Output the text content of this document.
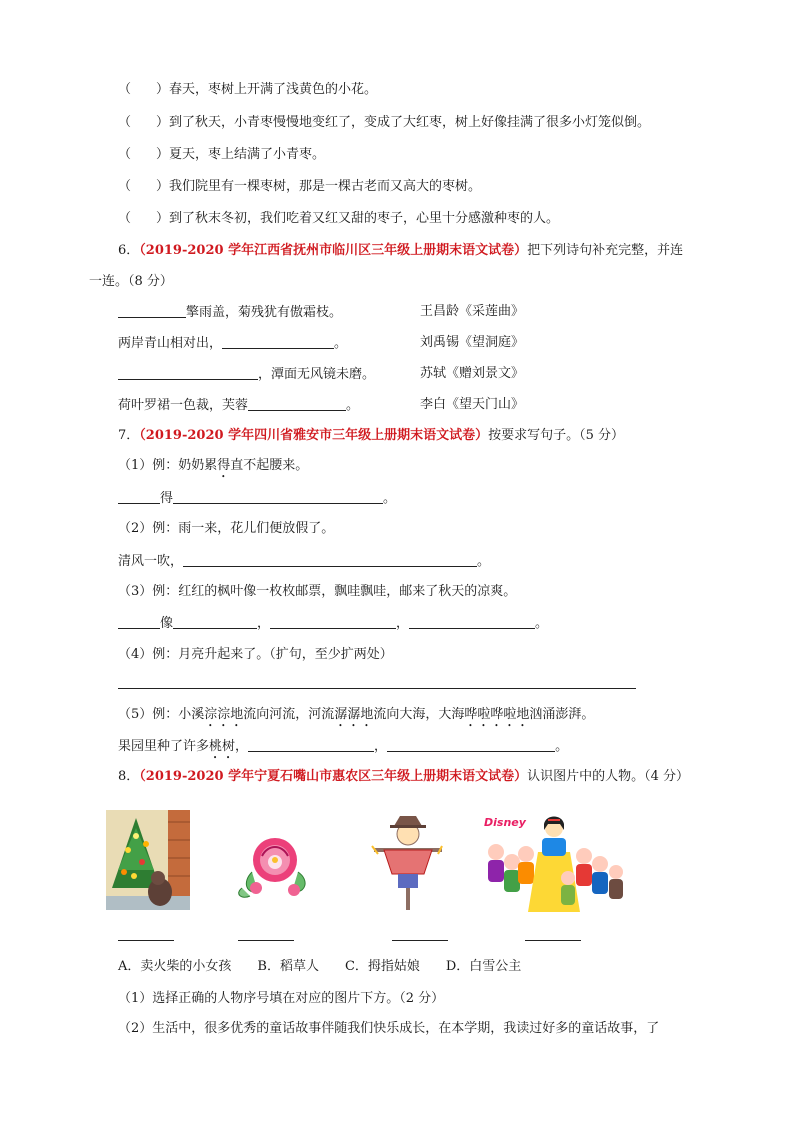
（ ）春天，枣树上开满了浅黄色的小花。
（ ）到了秋天，小青枣慢慢地变红了，变成了大红枣，树上好像挂满了很多小灯笼似倒。
（ ）夏天，枣上结满了小青枣。
（ ）我们院里有一棵枣树，那是一棵古老而又高大的枣树。
（ ）到了秋末冬初，我们吃着又红又甜的枣子，心里十分感激种枣的人。
6．（2019-2020 学年江西省抚州市临川区三年级上册期末语文试卷）把下列诗句补充完整，并连
一连。（8 分）
擎雨盖，菊残犹有傲霜枝。	王昌龄《采莲曲》
两岸青山相对出，	。	刘禹锡《望洞庭》
，潭面无风镜未磨。	苏轼《赠刘景文》
荷叶罗裙一色裁，芙蓉	。	李白《望天门山》
7．（2019-2020 学年四川省雅安市三年级上册期末语文试卷）按要求写句子。（5 分）
（1）例：奶奶累得直不起腰来。
得	。
（2）例：雨一来，花儿们便放假了。
清风一吹，	。
（3）例：红红的枫叶像一枚枚邮票，飘哇飘哇，邮来了秋天的凉爽。
像	，	，	。
（4）例：月亮升起来了。（扩句，至少扩两处）
（5）例：小溪淙淙地流向河流，河流潺潺地流向大海，大海哗啦哗啦地汹涌澎湃。
果园里种了许多桃树，	，	。
8．（2019-2020 学年宁夏石嘴山市惠农区三年级上册期末语文试卷）认识图片中的人物。（4 分）
Disney
A．卖火柴的小女孩　　B．稻草人　　C．拇指姑娘　　D．白雪公主
（1）选择正确的人物序号填在对应的图片下方。（2 分）
（2）生活中，很多优秀的童话故事伴随我们快乐成长，在本学期，我读过好多的童话故事，了
